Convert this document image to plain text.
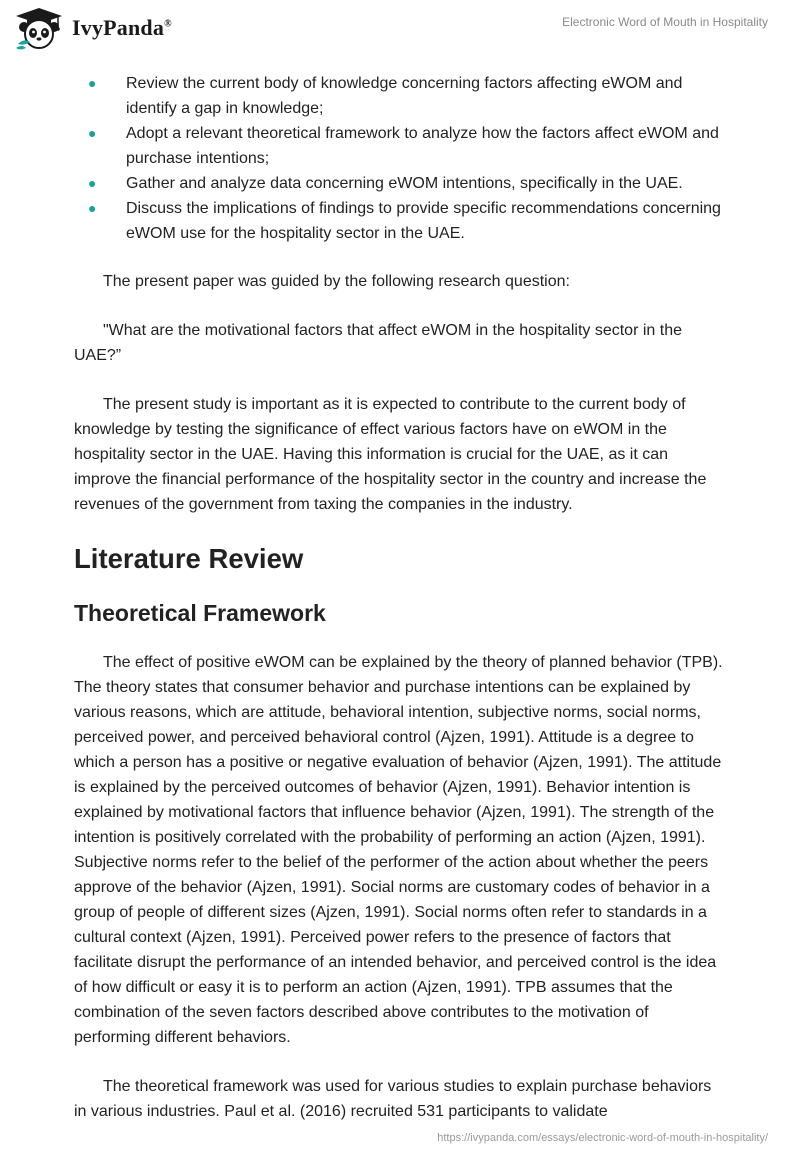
IvyPanda®	Electronic Word of Mouth in Hospitality
● Review the current body of knowledge concerning factors affecting eWOM and identify a gap in knowledge;
● Adopt a relevant theoretical framework to analyze how the factors affect eWOM and purchase intentions;
● Gather and analyze data concerning eWOM intentions, specifically in the UAE.
● Discuss the implications of findings to provide specific recommendations concerning eWOM use for the hospitality sector in the UAE.

The present paper was guided by the following research question:

"What are the motivational factors that affect eWOM in the hospitality sector in the UAE?”

The present study is important as it is expected to contribute to the current body of knowledge by testing the significance of effect various factors have on eWOM in the hospitality sector in the UAE. Having this information is crucial for the UAE, as it can improve the financial performance of the hospitality sector in the country and increase the revenues of the government from taxing the companies in the industry.

Literature Review
Theoretical Framework

The effect of positive eWOM can be explained by the theory of planned behavior (TPB). The theory states that consumer behavior and purchase intentions can be explained by various reasons, which are attitude, behavioral intention, subjective norms, social norms, perceived power, and perceived behavioral control (Ajzen, 1991). Attitude is a degree to which a person has a positive or negative evaluation of behavior (Ajzen, 1991). The attitude is explained by the perceived outcomes of behavior (Ajzen, 1991). Behavior intention is explained by motivational factors that influence behavior (Ajzen, 1991). The strength of the intention is positively correlated with the probability of performing an action (Ajzen, 1991). Subjective norms refer to the belief of the performer of the action about whether the peers approve of the behavior (Ajzen, 1991). Social norms are customary codes of behavior in a group of people of different sizes (Ajzen, 1991). Social norms often refer to standards in a cultural context (Ajzen, 1991). Perceived power refers to the presence of factors that facilitate disrupt the performance of an intended behavior, and perceived control is the idea of how difficult or easy it is to perform an action (Ajzen, 1991). TPB assumes that the combination of the seven factors described above contributes to the motivation of performing different behaviors.

The theoretical framework was used for various studies to explain purchase behaviors in various industries. Paul et al. (2016) recruited 531 participants to validate

https://ivypanda.com/essays/electronic-word-of-mouth-in-hospitality/
